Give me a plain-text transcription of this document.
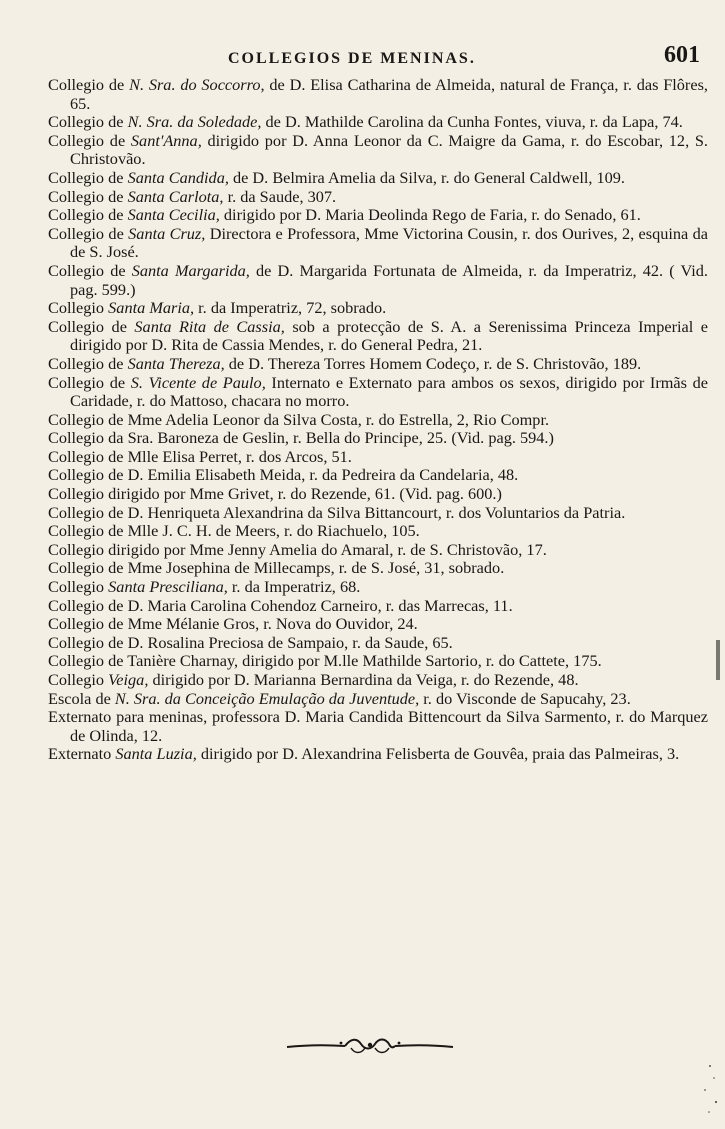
COLLEGIOS DE MENINAS.	601
Collegio de N. Sra. do Soccorro, de D. Elisa Catharina de Almeida, natural de França, r. das Flôres, 65.
Collegio de N. Sra. da Soledade, de D. Mathilde Carolina da Cunha Fontes, viuva, r. da Lapa, 74.
Collegio de Sant'Anna, dirigido por D. Anna Leonor da C. Maigre da Gama, r. do Escobar, 12, S. Christovão.
Collegio de Santa Candida, de D. Belmira Amelia da Silva, r. do General Caldwell, 109.
Collegio de Santa Carlota, r. da Saude, 307.
Collegio de Santa Cecilia, dirigido por D. Maria Deolinda Rego de Faria, r. do Senado, 61.
Collegio de Santa Cruz, Directora e Professora, Mme Victorina Cousin, r. dos Ourives, 2, esquina da de S. José.
Collegio de Santa Margarida, de D. Margarida Fortunata de Almeida, r. da Imperatriz, 42. ( Vid. pag. 599.)
Collegio Santa Maria, r. da Imperatriz, 72, sobrado.
Collegio de Santa Rita de Cassia, sob a protecção de S. A. a Serenissima Princeza Imperial e dirigido por D. Rita de Cassia Mendes, r. do General Pedra, 21.
Collegio de Santa Thereza, de D. Thereza Torres Homem Codeço, r. de S. Christovão, 189.
Collegio de S. Vicente de Paulo, Internato e Externato para ambos os sexos, dirigido por Irmãs de Caridade, r. do Mattoso, chacara no morro.
Collegio de Mme Adelia Leonor da Silva Costa, r. do Estrella, 2, Rio Compr.
Collegio da Sra. Baroneza de Geslin, r. Bella do Principe, 25. (Vid. pag. 594.)
Collegio de Mlle Elisa Perret, r. dos Arcos, 51.
Collegio de D. Emilia Elisabeth Meida, r. da Pedreira da Candelaria, 48.
Collegio dirigido por Mme Grivet, r. do Rezende, 61. (Vid. pag. 600.)
Collegio de D. Henriqueta Alexandrina da Silva Bittancourt, r. dos Voluntarios da Patria.
Collegio de Mlle J. C. H. de Meers, r. do Riachuelo, 105.
Collegio dirigido por Mme Jenny Amelia do Amaral, r. de S. Christovão, 17.
Collegio de Mme Josephina de Millecamps, r. de S. José, 31, sobrado.
Collegio Santa Presciliana, r. da Imperatriz, 68.
Collegio de D. Maria Carolina Cohendoz Carneiro, r. das Marrecas, 11.
Collegio de Mme Mélanie Gros, r. Nova do Ouvidor, 24.
Collegio de D. Rosalina Preciosa de Sampaio, r. da Saude, 65.
Collegio de Tanière Charnay, dirigido por M.lle Mathilde Sartorio, r. do Cattete, 175.
Collegio Veiga, dirigido por D. Marianna Bernardina da Veiga, r. do Rezende, 48.
Escola de N. Sra. da Conceição Emulação da Juventude, r. do Visconde de Sapucahy, 23.
Externato para meninas, professora D. Maria Candida Bittencourt da Silva Sarmento, r. do Marquez de Olinda, 12.
Externato Santa Luzia, dirigido por D. Alexandrina Felisberta de Gouvêa, praia das Palmeiras, 3.
